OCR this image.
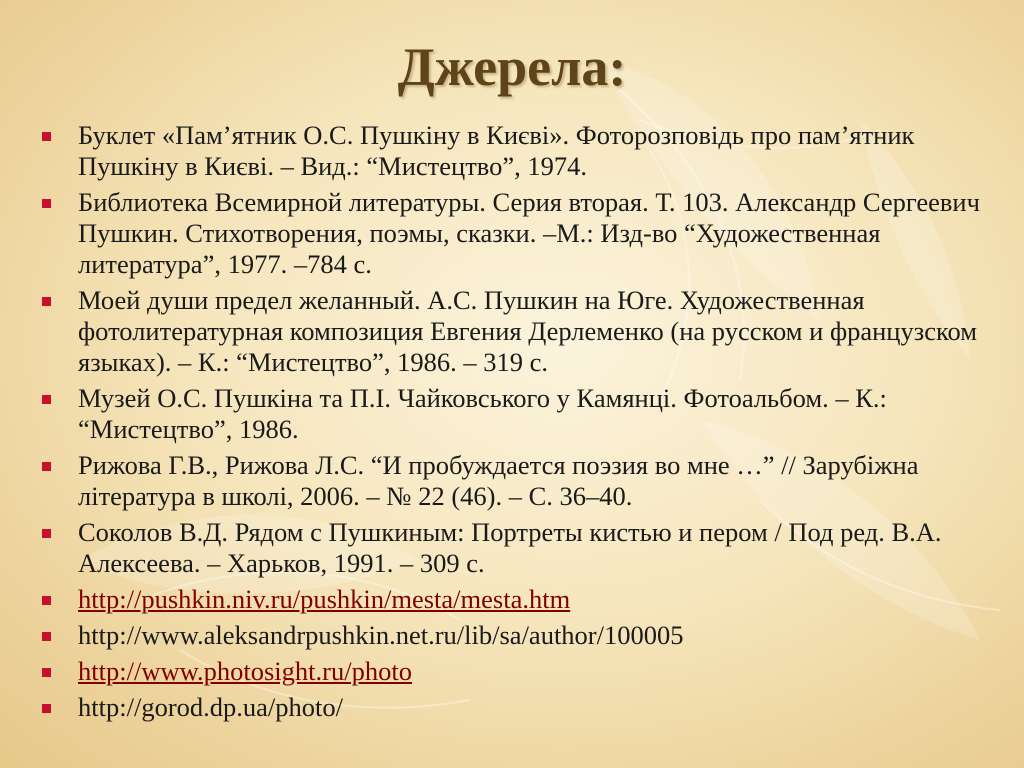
Джерела:
Буклет «Пам’ятник О.С. Пушкіну в Києві». Фоторозповідь про пам’ятник Пушкіну в Києві. – Вид.: “Мистецтво”, 1974.
Библиотека Всемирной литературы. Серия вторая. Т. 103. Александр Сергеевич Пушкин. Стихотворения, поэмы, сказки. –М.: Изд-во “Художественная литература”, 1977. –784 с.
Моей души предел желанный. А.С. Пушкин на Юге. Художественная фотолитературная композиция Евгения Дерлеменко (на русском и французском языках). – К.: “Мистецтво”, 1986. – 319 с.
Музей О.С. Пушкіна та П.І. Чайковського у Камянці. Фотоальбом. – К.: “Мистецтво”, 1986.
Рижова Г.В., Рижова Л.С. “И пробуждается поэзия во мне …” // Зарубіжна література в школі, 2006. – № 22 (46). – С. 36–40.
Соколов В.Д. Рядом с Пушкиным: Портреты кистью и пером / Под ред. В.А. Алексеева. – Харьков, 1991. – 309 с.
http://pushkin.niv.ru/pushkin/mesta/mesta.htm
http://www.aleksandrpushkin.net.ru/lib/sa/author/100005
http://www.photosight.ru/photo
http://gorod.dp.ua/photo/
